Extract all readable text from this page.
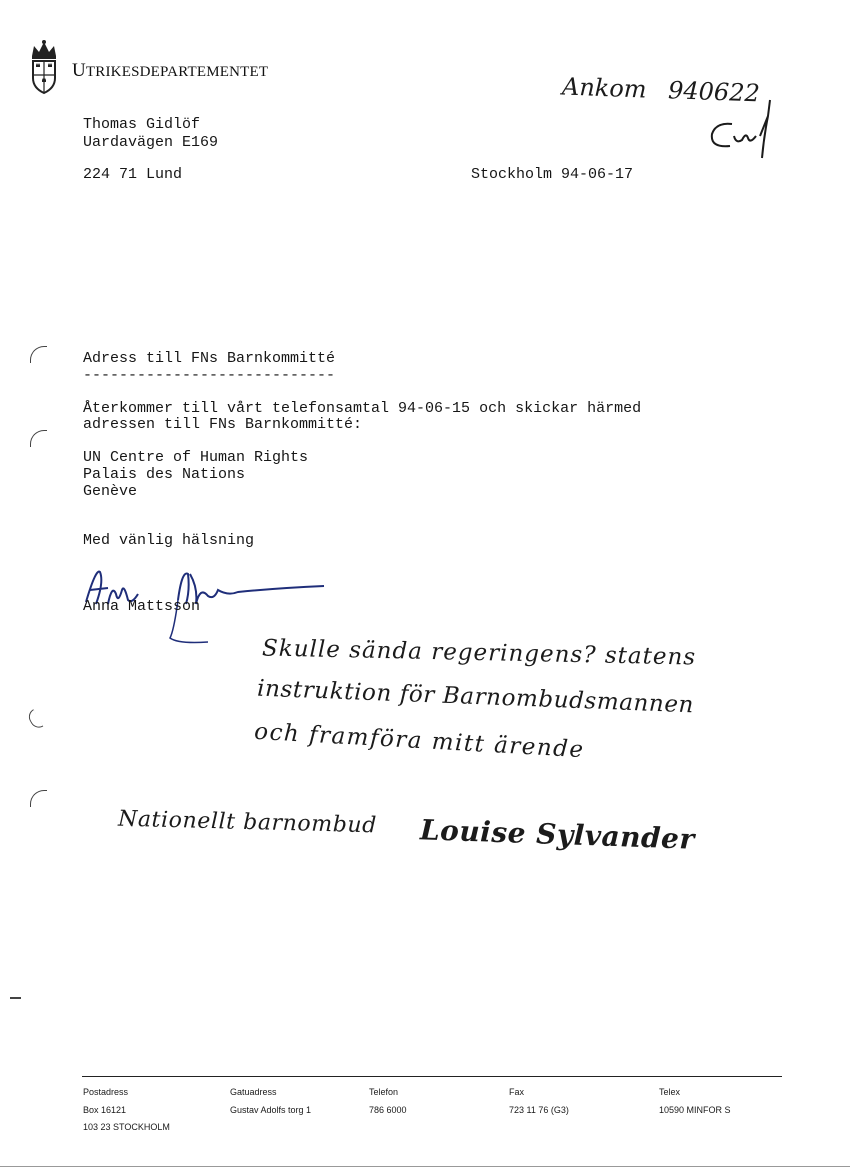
UTRIKESDEPARTEMENTET
Ankom 940622
Thomas Gidlöf
Uardavägen E169
224 71 Lund	Stockholm 94-06-17
Adress till FNs Barnkommitté
----------------------------
Återkommer till vårt telefonsamtal 94-06-15 och skickar härmed
adressen till FNs Barnkommitté:
UN Centre of Human Rights
Palais des Nations
Genève
Med vänlig hälsning
Anna Mattsson
Skulle sända regeringens? statens
instruktion för Barnombudsmannen
och framföra mitt ärende
Nationellt barnombud Louise Sylvander
Postadress
Box 16121
103 23 STOCKHOLM
Gatuadress
Gustav Adolfs torg 1
Telefon
786 6000
Fax
723 11 76 (G3)
Telex
10590 MINFOR S
